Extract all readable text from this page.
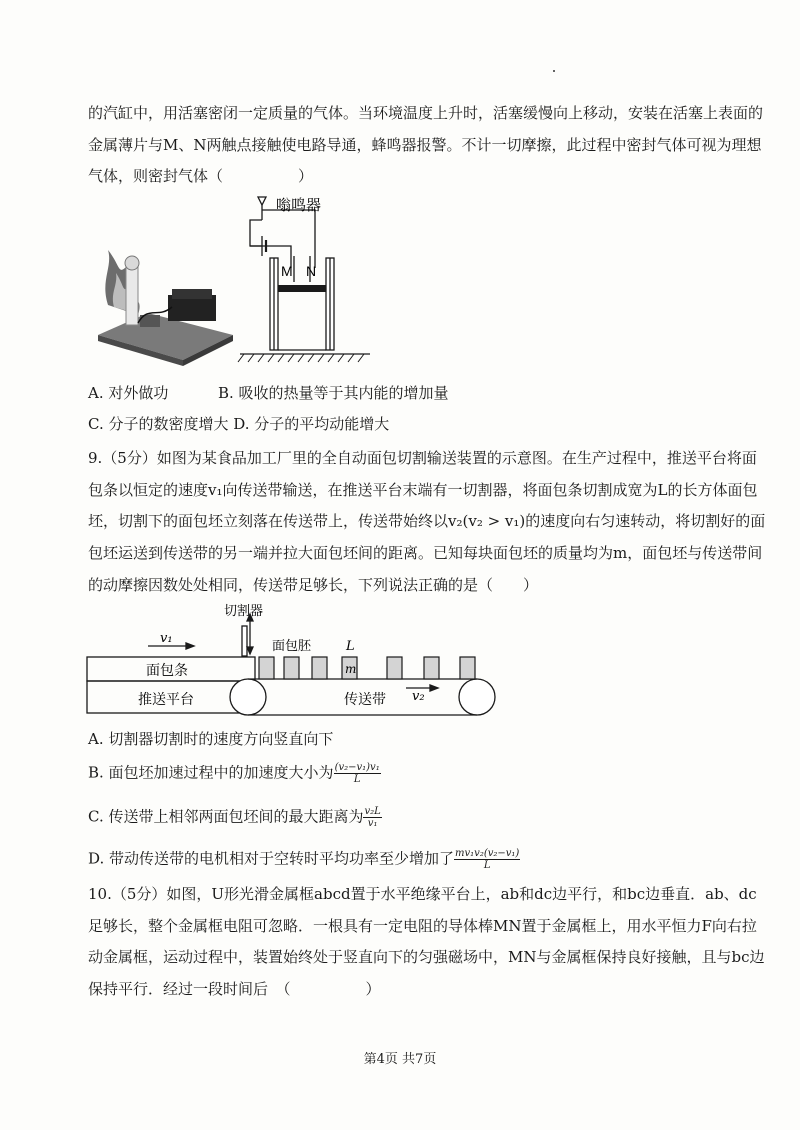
的汽缸中，用活塞密闭一定质量的气体。当环境温度上升时，活塞缓慢向上移动，安装在活塞上表面的
金属薄片与M、N两触点接触使电路导通，蜂鸣器报警。不计一切摩擦，此过程中密封气体可视为理想
气体，则密封气体（　　　　　）
嗡鸣器
M N
A. 对外做功	B. 吸收的热量等于其内能的增加量
C. 分子的数密度增大 D. 分子的平均动能增大
9.（5分）如图为某食品加工厂里的全自动面包切割输送装置的示意图。在生产过程中，推送平台将面
包条以恒定的速度v₁向传送带输送，在推送平台末端有一切割器，将面包条切割成宽为L的长方体面包
坯，切割下的面包坯立刻落在传送带上，传送带始终以v₂(v₂ > v₁)的速度向右匀速转动，将切割好的面
包坯运送到传送带的另一端并拉大面包坯间的距离。已知每块面包坯的质量均为m，面包坯与传送带间
的动摩擦因数处处相同，传送带足够长，下列说法正确的是（　　）
切割器
面包胚	L
m
v₁
v₂
面包条
推送平台	传送带
A. 切割器切割时的速度方向竖直向下
B. 面包坯加速过程中的加速度大小为 $\frac{\text{(v₂−v₁)v₁}}{L}$
C. 传送带上相邻两面包坯间的最大距离为 $\frac{\text{v₂L}}{\text{v₁}}$
D. 带动传送带的电机相对于空转时平均功率至少增加了 $\frac{\text{mv₁v₂(v₂−v₁)}}{L}$
10.（5分）如图，U形光滑金属框abcd置于水平绝缘平台上，ab和dc边平行，和bc边垂直．ab、dc
足够长，整个金属框电阻可忽略．一根具有一定电阻的导体棒MN置于金属框上，用水平恒力F向右拉
动金属框，运动过程中，装置始终处于竖直向下的匀强磁场中，MN与金属框保持良好接触，且与bc边
保持平行．经过一段时间后　（　　　　　）
第4页 共7页
